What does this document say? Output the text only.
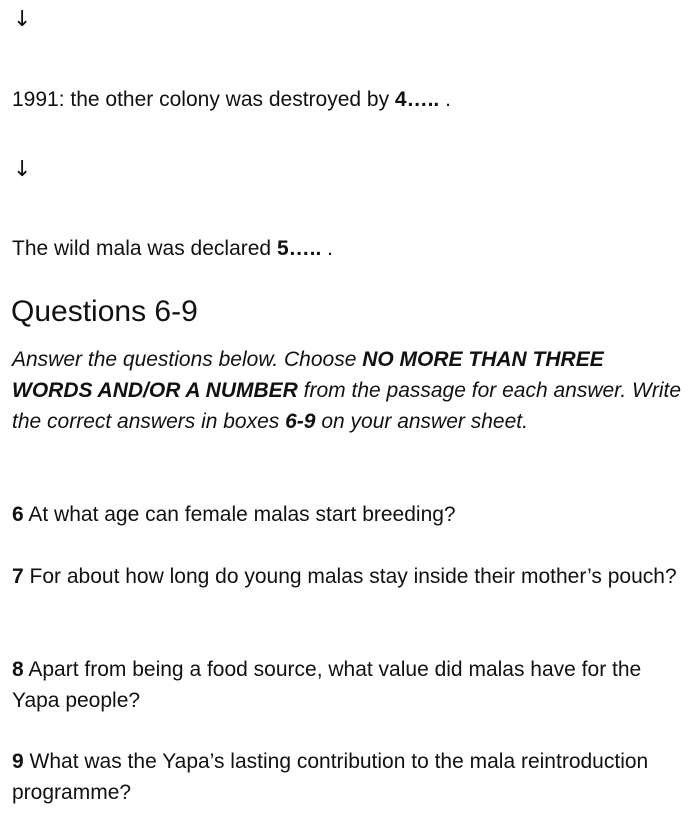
↓
1991: the other colony was destroyed by 4….. .
↓
The wild mala was declared 5….. .
Questions 6-9
Answer the questions below. Choose NO MORE THAN THREE WORDS AND/OR A NUMBER from the passage for each answer. Write the correct answers in boxes 6-9 on your answer sheet.
6 At what age can female malas start breeding?
7 For about how long do young malas stay inside their mother’s pouch?
8 Apart from being a food source, what value did malas have for the Yapa people?
9 What was the Yapa’s lasting contribution to the mala reintroduction programme?
